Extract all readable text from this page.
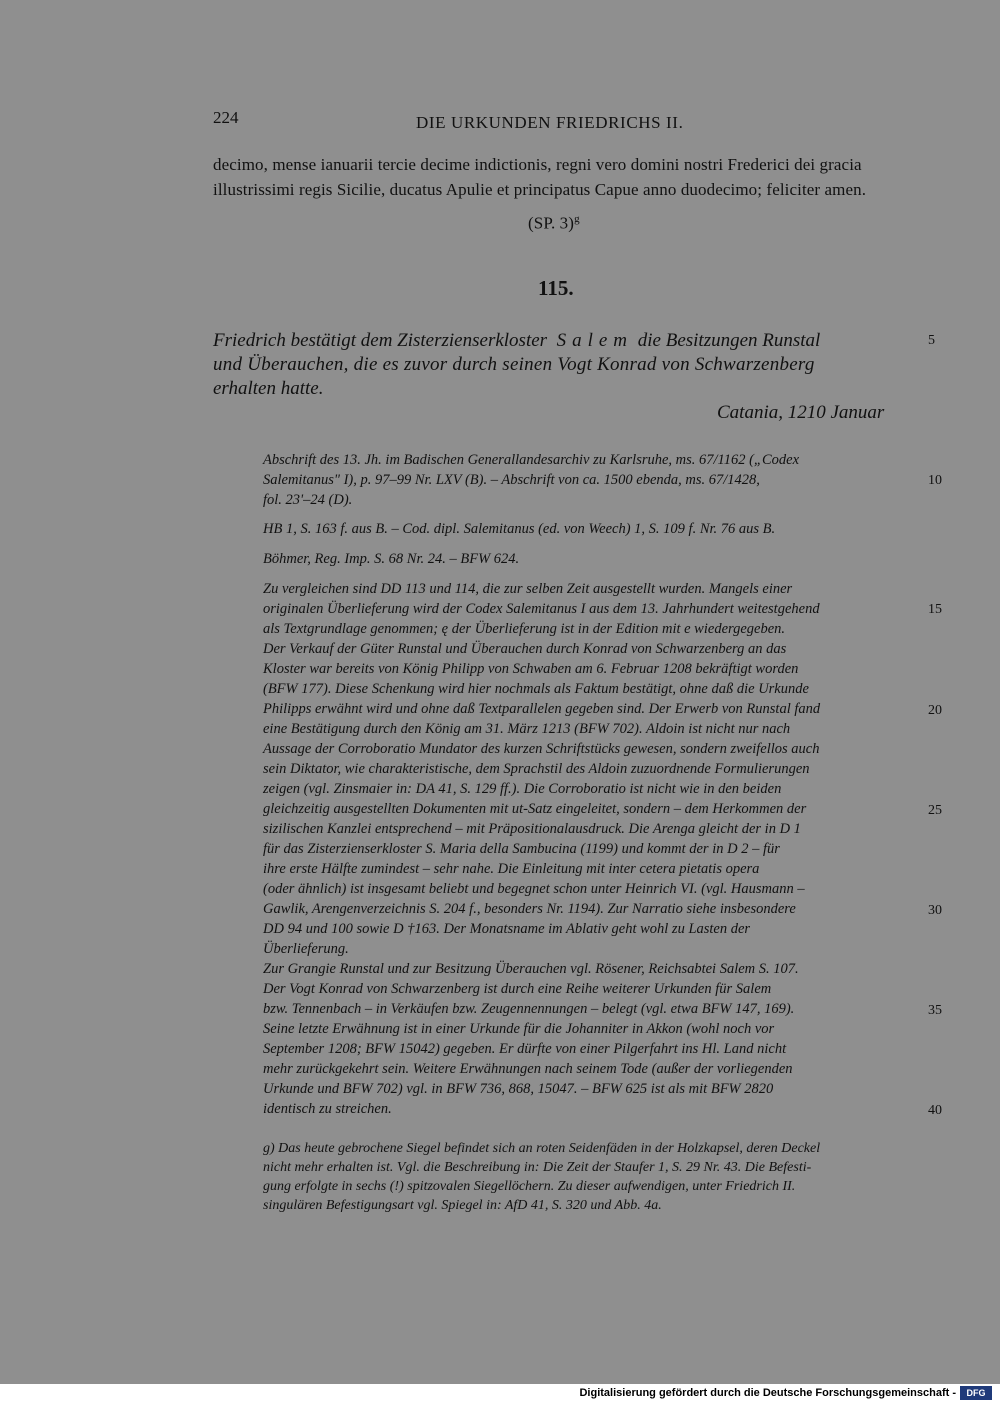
224	DIE URKUNDEN FRIEDRICHS II.
decimo, mense ianuarii tercie decime indictionis, regni vero domini nostri Frederici dei gracia
illustrissimi regis Sicilie, ducatus Apulie et principatus Capue anno duodecimo; feliciter amen.
(SP. 3)$^g$
115.
Friedrich bestätigt dem Zisterzienserkloster Salem die Besitzungen Runstal
und Überauchen, die es zuvor durch seinen Vogt Konrad von Schwarzenberg
erhalten hatte.
Catania, 1210 Januar
5
10
15
20
25
30
35
40
Abschrift des 13. Jh. im Badischen Generallandesarchiv zu Karlsruhe, ms. 67/1162 („Codex
Salemitanus" I), p. 97–99 Nr. LXV (B). – Abschrift von ca. 1500 ebenda, ms. 67/1428,
fol. 23'–24 (D).
HB 1, S. 163 f. aus B. – Cod. dipl. Salemitanus (ed. von Weech) 1, S. 109 f. Nr. 76 aus B.
Böhmer, Reg. Imp. S. 68 Nr. 24. – BFW 624.
Zu vergleichen sind DD 113 und 114, die zur selben Zeit ausgestellt wurden. Mangels einer
originalen Überlieferung wird der Codex Salemitanus I aus dem 13. Jahrhundert weitestgehend
als Textgrundlage genommen; ę der Überlieferung ist in der Edition mit e wiedergegeben.
Der Verkauf der Güter Runstal und Überauchen durch Konrad von Schwarzenberg an das
Kloster war bereits von König Philipp von Schwaben am 6. Februar 1208 bekräftigt worden
(BFW 177). Diese Schenkung wird hier nochmals als Faktum bestätigt, ohne daß die Urkunde
Philipps erwähnt wird und ohne daß Textparallelen gegeben sind. Der Erwerb von Runstal fand
eine Bestätigung durch den König am 31. März 1213 (BFW 702). Aldoin ist nicht nur nach
Aussage der Corroboratio Mundator des kurzen Schriftstücks gewesen, sondern zweifellos auch
sein Diktator, wie charakteristische, dem Sprachstil des Aldoin zuzuordnende Formulierungen
zeigen (vgl. Zinsmaier in: DA 41, S. 129 ff.). Die Corroboratio ist nicht wie in den beiden
gleichzeitig ausgestellten Dokumenten mit ut-Satz eingeleitet, sondern – dem Herkommen der
sizilischen Kanzlei entsprechend – mit Präpositionalausdruck. Die Arenga gleicht der in D 1
für das Zisterzienserkloster S. Maria della Sambucina (1199) und kommt der in D 2 – für
ihre erste Hälfte zumindest – sehr nahe. Die Einleitung mit inter cetera pietatis opera
(oder ähnlich) ist insgesamt beliebt und begegnet schon unter Heinrich VI. (vgl. Hausmann –
Gawlik, Arengenverzeichnis S. 204 f., besonders Nr. 1194). Zur Narratio siehe insbesondere
DD 94 und 100 sowie D †163. Der Monatsname im Ablativ geht wohl zu Lasten der
Überlieferung.
Zur Grangie Runstal und zur Besitzung Überauchen vgl. Rösener, Reichsabtei Salem S. 107.
Der Vogt Konrad von Schwarzenberg ist durch eine Reihe weiterer Urkunden für Salem
bzw. Tennenbach – in Verkäufen bzw. Zeugennennungen – belegt (vgl. etwa BFW 147, 169).
Seine letzte Erwähnung ist in einer Urkunde für die Johanniter in Akkon (wohl noch vor
September 1208; BFW 15042) gegeben. Er dürfte von einer Pilgerfahrt ins Hl. Land nicht
mehr zurückgekehrt sein. Weitere Erwähnungen nach seinem Tode (außer der vorliegenden
Urkunde und BFW 702) vgl. in BFW 736, 868, 15047. – BFW 625 ist als mit BFW 2820
identisch zu streichen.
g) Das heute gebrochene Siegel befindet sich an roten Seidenfäden in der Holzkapsel, deren Deckel
nicht mehr erhalten ist. Vgl. die Beschreibung in: Die Zeit der Staufer 1, S. 29 Nr. 43. Die Befesti-
gung erfolgte in sechs (!) spitzovalen Siegellöchern. Zu dieser aufwendigen, unter Friedrich II.
singulären Befestigungsart vgl. Spiegel in: AfD 41, S. 320 und Abb. 4a.
Digitalisierung gefördert durch die Deutsche Forschungsgemeinschaft -	DFG
